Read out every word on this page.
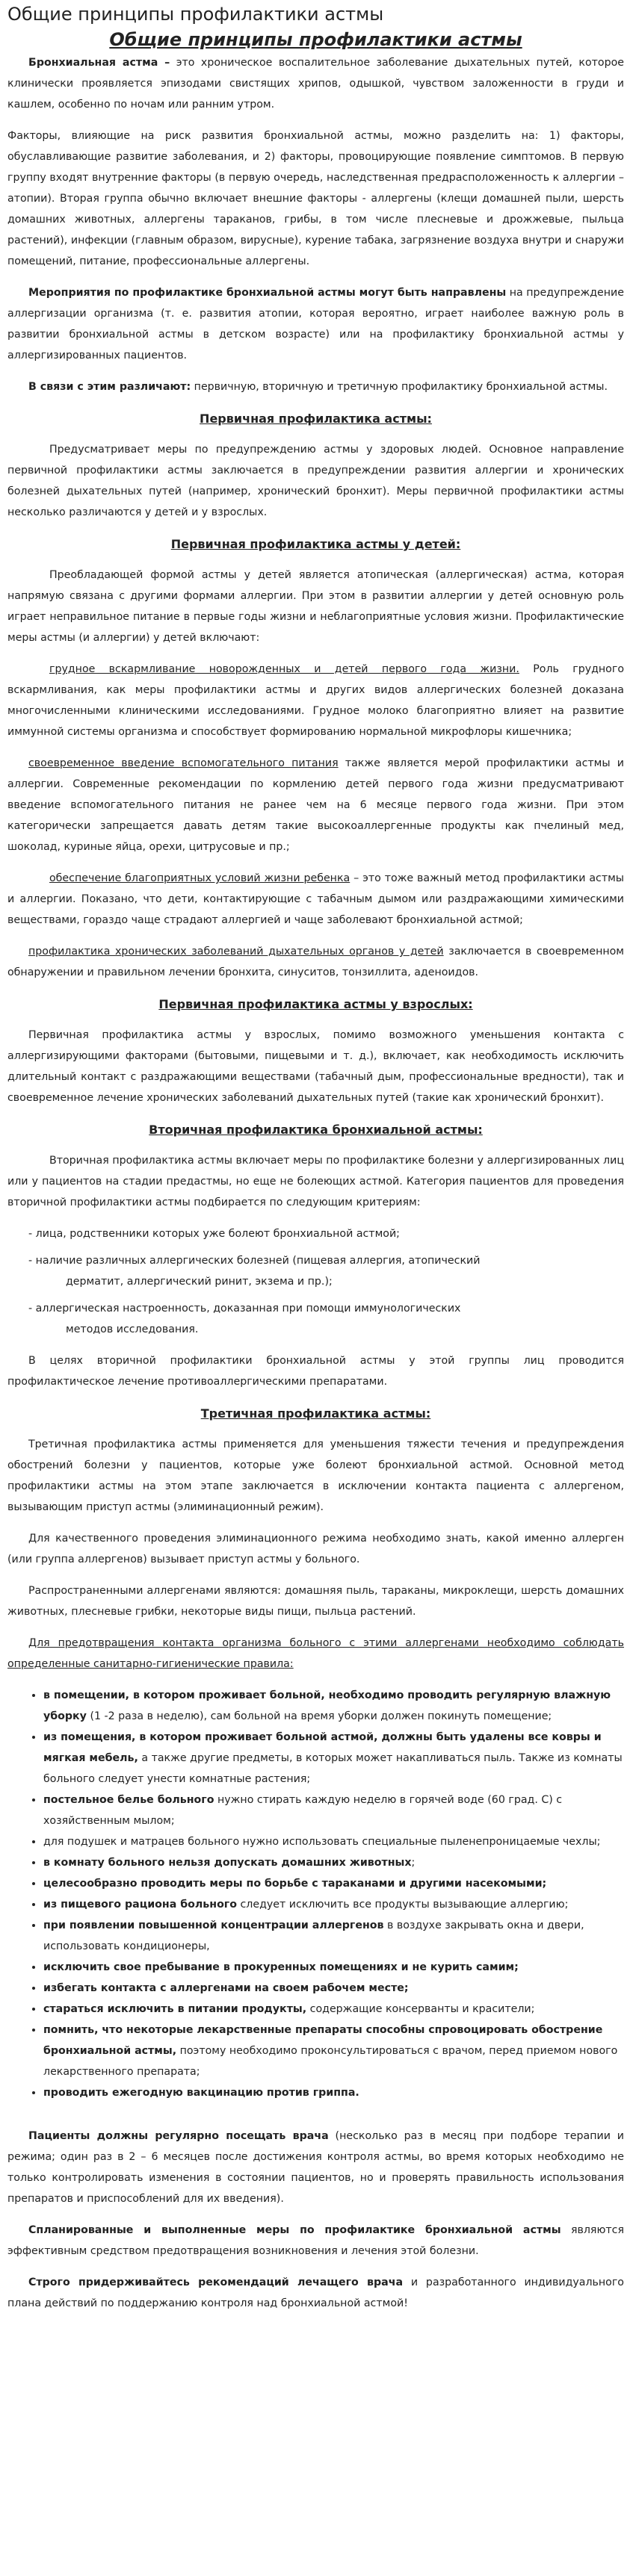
Общие принципы профилактики астмы
Общие принципы профилактики астмы

Бронхиальная астма – это хроническое воспалительное заболевание дыхательных путей, которое клинически проявляется эпизодами свистящих хрипов, одышкой, чувством заложенности в груди и кашлем, особенно по ночам или ранним утром.

Факторы, влияющие на риск развития бронхиальной астмы, можно разделить на: 1) факторы, обуславливающие развитие заболевания, и 2) факторы, провоцирующие появление симптомов. В первую группу входят внутренние факторы (в первую очередь, наследственная предрасположенность к аллергии – атопии). Вторая группа обычно включает внешние факторы - аллергены (клещи домашней пыли, шерсть домашних животных, аллергены тараканов, грибы, в том числе плесневые и дрожжевые, пыльца растений), инфекции (главным образом, вирусные), курение табака, загрязнение воздуха внутри и снаружи помещений, питание, профессиональные аллергены.

Мероприятия по профилактике бронхиальной астмы могут быть направлены на предупреждение аллергизации организма (т. е. развития атопии, которая вероятно, играет наиболее важную роль в развитии бронхиальной астмы в детском возрасте) или на профилактику бронхиальной астмы у аллергизированных пациентов.

В связи с этим различают: первичную, вторичную и третичную профилактику бронхиальной астмы.

Первичная профилактика астмы:

Предусматривает меры по предупреждению астмы у здоровых людей. Основное направление первичной профилактики астмы заключается в предупреждении развития аллергии и хронических болезней дыхательных путей (например, хронический бронхит). Меры первичной профилактики астмы несколько различаются у детей и у взрослых.

Первичная профилактика астмы у детей:

Преобладающей формой астмы у детей является атопическая (аллергическая) астма, которая напрямую связана с другими формами аллергии. При этом в развитии аллергии у детей основную роль играет неправильное питание в первые годы жизни и неблагоприятные условия жизни. Профилактические меры астмы (и аллергии) у детей включают:

грудное вскармливание новорожденных и детей первого года жизни. Роль грудного вскармливания, как меры профилактики астмы и других видов аллергических болезней доказана многочисленными клиническими исследованиями. Грудное молоко благоприятно влияет на развитие иммунной системы организма и способствует формированию нормальной микрофлоры кишечника;

своевременное введение вспомогательного питания также является мерой профилактики астмы и аллергии. Современные рекомендации по кормлению детей первого года жизни предусматривают введение вспомогательного питания не ранее чем на 6 месяце первого года жизни. При этом категорически запрещается давать детям такие высокоаллергенные продукты как пчелиный мед, шоколад, куриные яйца, орехи, цитрусовые и пр.;

обеспечение благоприятных условий жизни ребенка – это тоже важный метод профилактики астмы и аллергии. Показано, что дети, контактирующие с табачным дымом или раздражающими химическими веществами, гораздо чаще страдают аллергией и чаще заболевают бронхиальной астмой;

профилактика хронических заболеваний дыхательных органов у детей заключается в своевременном обнаружении и правильном лечении бронхита, синуситов, тонзиллита, аденоидов.

Первичная профилактика астмы у взрослых:

Первичная профилактика астмы у взрослых, помимо возможного уменьшения контакта с аллергизирующими факторами (бытовыми, пищевыми и т. д.), включает, как необходимость исключить длительный контакт с раздражающими веществами (табачный дым, профессиональные вредности), так и своевременное лечение хронических заболеваний дыхательных путей (такие как хронический бронхит).

Вторичная профилактика бронхиальной астмы:

Вторичная профилактика астмы включает меры по профилактике болезни у аллергизированных лиц или у пациентов на стадии предастмы, но еще не болеющих астмой. Категория пациентов для проведения вторичной профилактики астмы подбирается по следующим критериям:

- лица, родственники которых уже болеют бронхиальной астмой;
- наличие различных аллергических болезней (пищевая аллергия, атопический
дерматит, аллергический ринит, экзема и пр.);
- аллергическая настроенность, доказанная при помощи иммунологических
методов исследования.

В целях вторичной профилактики бронхиальной астмы у этой группы лиц проводится профилактическое лечение противоаллергическими препаратами.

Третичная профилактика астмы:

Третичная профилактика астмы применяется для уменьшения тяжести течения и предупреждения обострений болезни у пациентов, которые уже болеют бронхиальной астмой. Основной метод профилактики астмы на этом этапе заключается в исключении контакта пациента с аллергеном, вызывающим приступ астмы (элиминационный режим).

Для качественного проведения элиминационного режима необходимо знать, какой именно аллерген (или группа аллергенов) вызывает приступ астмы у больного.

Распространенными аллергенами являются: домашняя пыль, тараканы, микроклещи, шерсть домашних животных, плесневые грибки, некоторые виды пищи, пыльца растений.

Для предотвращения контакта организма больного с этими аллергенами необходимо соблюдать определенные санитарно-гигиенические правила:

• в помещении, в котором проживает больной, необходимо проводить регулярную влажную уборку (1 -2 раза в неделю), сам больной на время уборки должен покинуть помещение;
• из помещения, в котором проживает больной астмой, должны быть удалены все ковры и мягкая мебель, а также другие предметы, в которых может накапливаться пыль. Также из комнаты больного следует унести комнатные растения;
• постельное белье больного нужно стирать каждую неделю в горячей воде (60 град. С) с хозяйственным мылом;
• для подушек и матрацев больного нужно использовать специальные пыленепроницаемые чехлы;
• в комнату больного нельзя допускать домашних животных;
• целесообразно проводить меры по борьбе с тараканами и другими насекомыми;
• из пищевого рациона больного следует исключить все продукты вызывающие аллергию;
• при появлении повышенной концентрации аллергенов в воздухе закрывать окна и двери, использовать кондиционеры,
• исключить свое пребывание в прокуренных помещениях и не курить самим;
• избегать контакта с аллергенами на своем рабочем месте;
• стараться исключить в питании продукты, содержащие консерванты и красители;
• помнить, что некоторые лекарственные препараты способны спровоцировать обострение бронхиальной астмы, поэтому необходимо проконсультироваться с врачом, перед приемом нового лекарственного препарата;
• проводить ежегодную вакцинацию против гриппа.

Пациенты должны регулярно посещать врача (несколько раз в месяц при подборе терапии и режима; один раз в 2 – 6 месяцев после достижения контроля астмы, во время которых необходимо не только контролировать изменения в состоянии пациентов, но и проверять правильность использования препаратов и приспособлений для их введения).

Спланированные и выполненные меры по профилактике бронхиальной астмы являются эффективным средством предотвращения возникновения и лечения этой болезни.

Строго придерживайтесь рекомендаций лечащего врача и разработанного индивидуального плана действий по поддержанию контроля над бронхиальной астмой!
